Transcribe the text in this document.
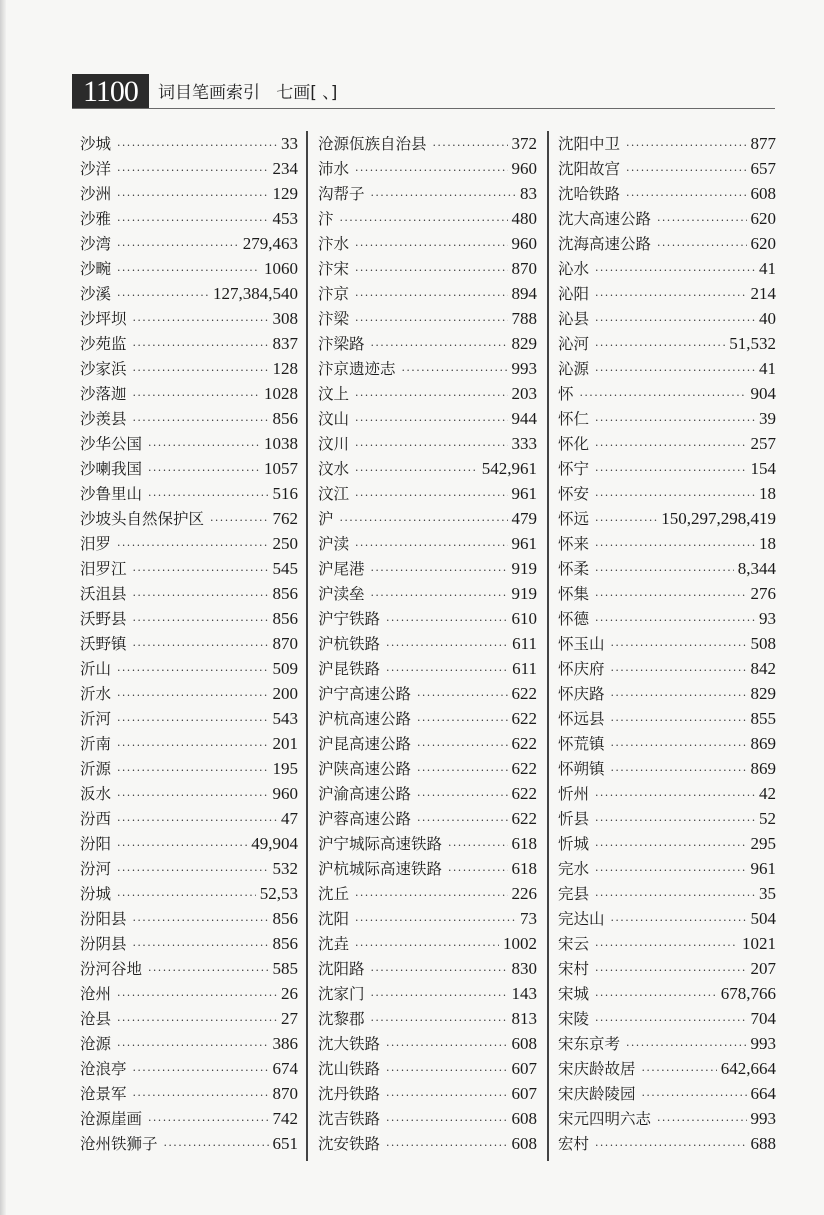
1100	词目笔画索引   七画[ 、]
沙城 ·····	33
沙洋 ·····	234
沙洲 ·····	129
沙雅 ·····	453
沙湾 ·····	279,463
沙畹 ·····	1060
沙溪 ·····	127,384,540
沙坪坝 ·····	308
沙苑监 ·····	837
沙家浜 ·····	128
沙落迦 ·····	1028
沙羡县 ·····	856
沙华公国 ·····	1038
沙喇我国 ·····	1057
沙鲁里山 ·····	516
沙坡头自然保护区 ·····	762
汨罗 ·····	250
汨罗江 ·····	545
沃沮县 ·····	856
沃野县 ·····	856
沃野镇 ·····	870
沂山 ·····	509
沂水 ·····	200
沂河 ·····	543
沂南 ·····	201
沂源 ·····	195
汳水 ·····	960
汾西 ·····	47
汾阳 ·····	49,904
汾河 ·····	532
汾城 ·····	52,53
汾阳县 ·····	856
汾阴县 ·····	856
汾河谷地 ·····	585
沧州 ·····	26
沧县 ·····	27
沧源 ·····	386
沧浪亭 ·····	674
沧景军 ·····	870
沧源崖画 ·····	742
沧州铁狮子 ·····	651
沧源佤族自治县 ·····	372
沛水 ·····	960
沟帮子 ·····	83
汴 ·····	480
汴水 ·····	960
汴宋 ·····	870
汴京 ·····	894
汴梁 ·····	788
汴梁路 ·····	829
汴京遗迹志 ·····	993
汶上 ·····	203
汶山 ·····	944
汶川 ·····	333
汶水 ·····	542,961
汶江 ·····	961
沪 ·····	479
沪渎 ·····	961
沪尾港 ·····	919
沪渎垒 ·····	919
沪宁铁路 ·····	610
沪杭铁路 ·····	611
沪昆铁路 ·····	611
沪宁高速公路 ·····	622
沪杭高速公路 ·····	622
沪昆高速公路 ·····	622
沪陕高速公路 ·····	622
沪渝高速公路 ·····	622
沪蓉高速公路 ·····	622
沪宁城际高速铁路 ·····	618
沪杭城际高速铁路 ·····	618
沈丘 ·····	226
沈阳 ·····	73
沈垚 ·····	1002
沈阳路 ·····	830
沈家门 ·····	143
沈黎郡 ·····	813
沈大铁路 ·····	608
沈山铁路 ·····	607
沈丹铁路 ·····	607
沈吉铁路 ·····	608
沈安铁路 ·····	608
沈阳中卫 ·····	877
沈阳故宫 ·····	657
沈哈铁路 ·····	608
沈大高速公路 ·····	620
沈海高速公路 ·····	620
沁水 ·····	41
沁阳 ·····	214
沁县 ·····	40
沁河 ·····	51,532
沁源 ·····	41
怀 ·····	904
怀仁 ·····	39
怀化 ·····	257
怀宁 ·····	154
怀安 ·····	18
怀远 ·····	150,297,298,419
怀来 ·····	18
怀柔 ·····	8,344
怀集 ·····	276
怀德 ·····	93
怀玉山 ·····	508
怀庆府 ·····	842
怀庆路 ·····	829
怀远县 ·····	855
怀荒镇 ·····	869
怀朔镇 ·····	869
忻州 ·····	42
忻县 ·····	52
忻城 ·····	295
完水 ·····	961
完县 ·····	35
完达山 ·····	504
宋云 ·····	1021
宋村 ·····	207
宋城 ·····	678,766
宋陵 ·····	704
宋东京考 ·····	993
宋庆龄故居 ·····	642,664
宋庆龄陵园 ·····	664
宋元四明六志 ·····	993
宏村 ·····	688
